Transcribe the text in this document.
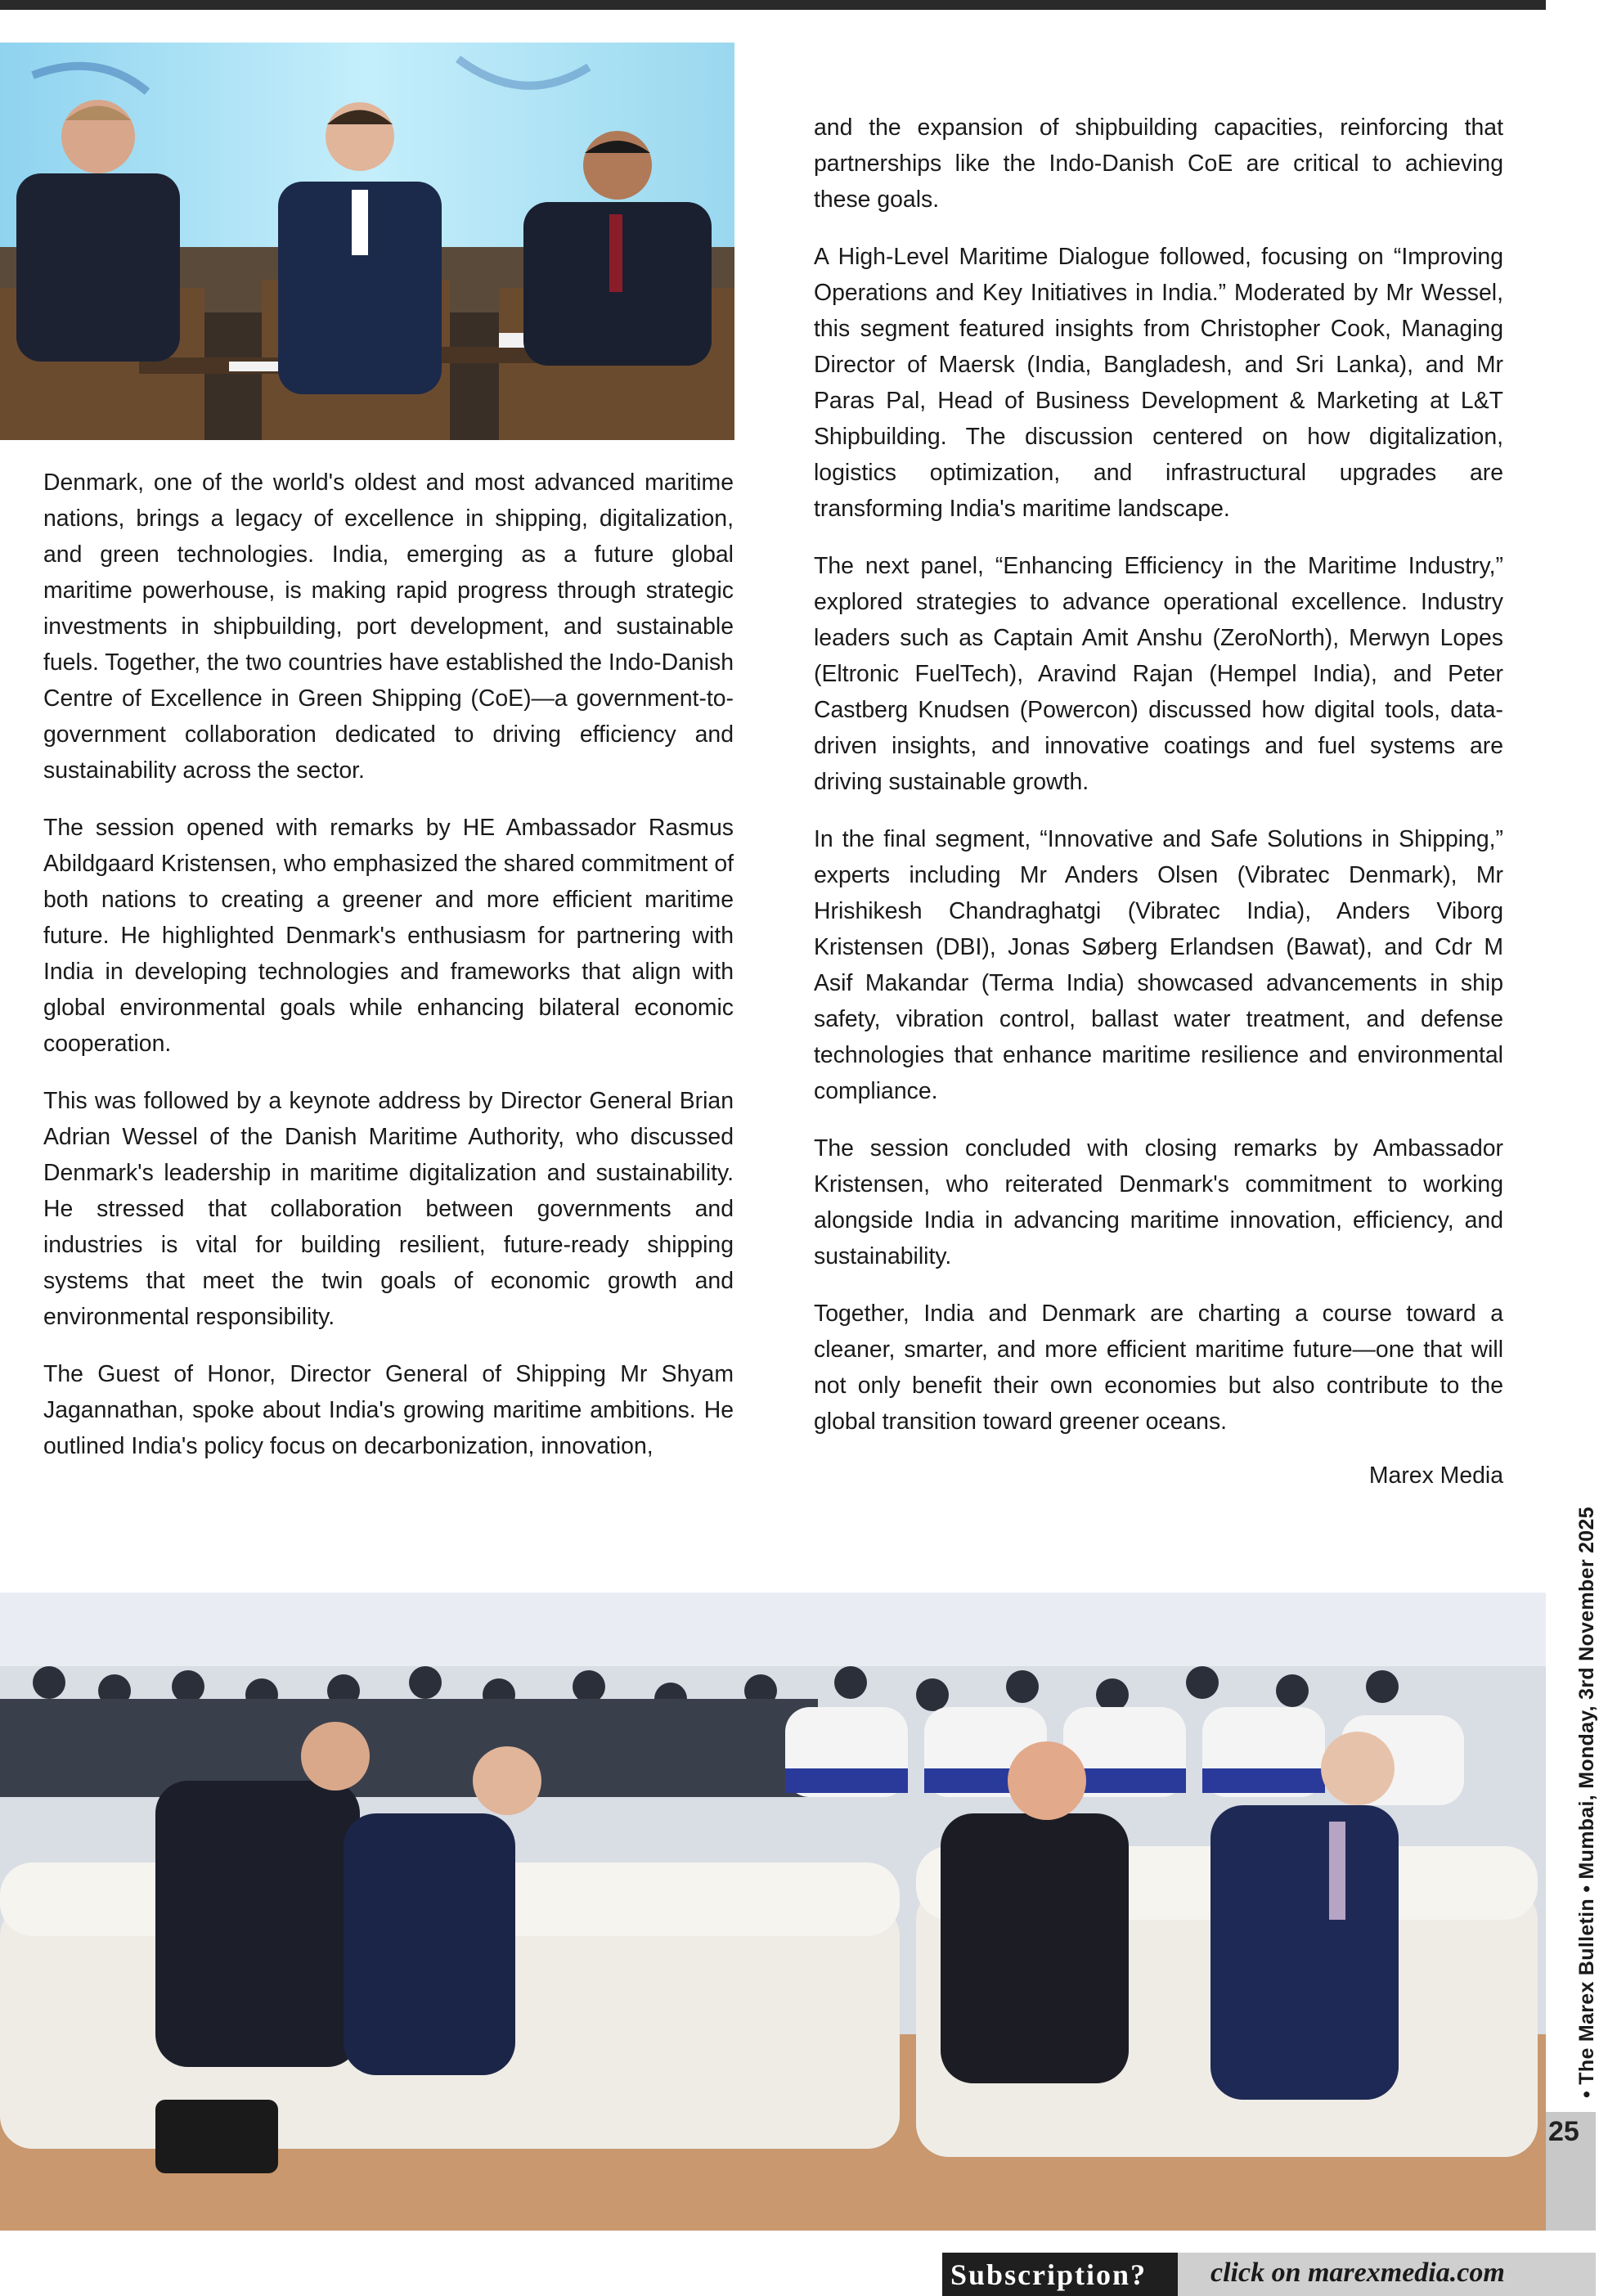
Denmark, one of the world's oldest and most advanced maritime nations, brings a legacy of excellence in shipping, digitalization, and green technologies. India, emerging as a future global maritime powerhouse, is making rapid progress through strategic investments in shipbuilding, port development, and sustainable fuels. Together, the two countries have established the Indo-Danish Centre of Excellence in Green Shipping (CoE)—a government-to-government collaboration dedicated to driving efficiency and sustainability across the sector.

The session opened with remarks by HE Ambassador Rasmus Abildgaard Kristensen, who emphasized the shared commitment of both nations to creating a greener and more efficient maritime future. He highlighted Denmark's enthusiasm for partnering with India in developing technologies and frameworks that align with global environmental goals while enhancing bilateral economic cooperation.

This was followed by a keynote address by Director General Brian Adrian Wessel of the Danish Maritime Authority, who discussed Denmark's leadership in maritime digitalization and sustainability. He stressed that collaboration between governments and industries is vital for building resilient, future-ready shipping systems that meet the twin goals of economic growth and environmental responsibility.

The Guest of Honor, Director General of Shipping Mr Shyam Jagannathan, spoke about India's growing maritime ambitions. He outlined India's policy focus on decarbonization, innovation,

and the expansion of shipbuilding capacities, reinforcing that partnerships like the Indo-Danish CoE are critical to achieving these goals.

A High-Level Maritime Dialogue followed, focusing on “Improving Operations and Key Initiatives in India.” Moderated by Mr Wessel, this segment featured insights from Christopher Cook, Managing Director of Maersk (India, Bangladesh, and Sri Lanka), and Mr Paras Pal, Head of Business Development & Marketing at L&T Shipbuilding. The discussion centered on how digitalization, logistics optimization, and infrastructural upgrades are transforming India's maritime landscape.

The next panel, “Enhancing Efficiency in the Maritime Industry,” explored strategies to advance operational excellence. Industry leaders such as Captain Amit Anshu (ZeroNorth), Merwyn Lopes (Eltronic FuelTech), Aravind Rajan (Hempel India), and Peter Castberg Knudsen (Powercon) discussed how digital tools, data-driven insights, and innovative coatings and fuel systems are driving sustainable growth.

In the final segment, “Innovative and Safe Solutions in Shipping,” experts including Mr Anders Olsen (Vibratec Denmark), Mr Hrishikesh Chandraghatgi (Vibratec India), Anders Viborg Kristensen (DBI), Jonas Søberg Erlandsen (Bawat), and Cdr M Asif Makandar (Terma India) showcased advancements in ship safety, vibration control, ballast water treatment, and defense technologies that enhance maritime resilience and environmental compliance.

The session concluded with closing remarks by Ambassador Kristensen, who reiterated Denmark's commitment to working alongside India in advancing maritime innovation, efficiency, and sustainability.

Together, India and Denmark are charting a course toward a cleaner, smarter, and more efficient maritime future—one that will not only benefit their own economies but also contribute to the global transition toward greener oceans.

Marex Media

• The Marex Bulletin • Mumbai, Monday, 3rd November 2025
25
Subscription? click on marexmedia.com
